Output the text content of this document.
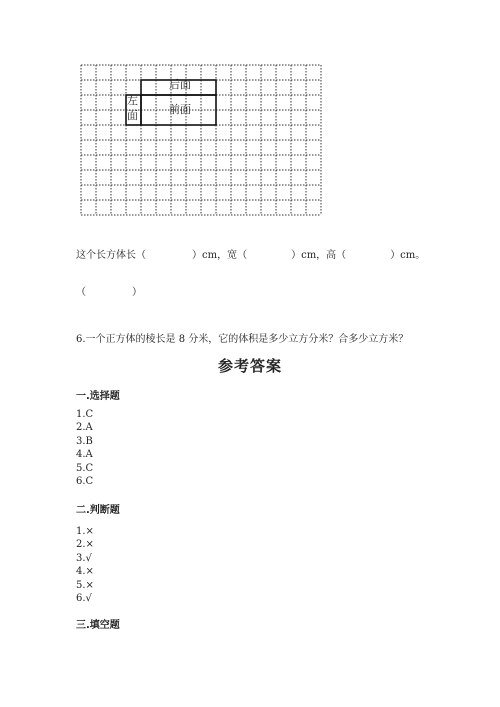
后面
前面
左
面
这个长方体长（	）cm，宽（	）cm，高（	）cm。
（	）
6.一个正方体的棱长是 8 分米，它的体积是多少立方分米？合多少立方米？
参考答案
一.选择题
1.C
2.A
3.B
4.A
5.C
6.C
二.判断题
1.×
2.×
3.√
4.×
5.×
6.√
三.填空题
